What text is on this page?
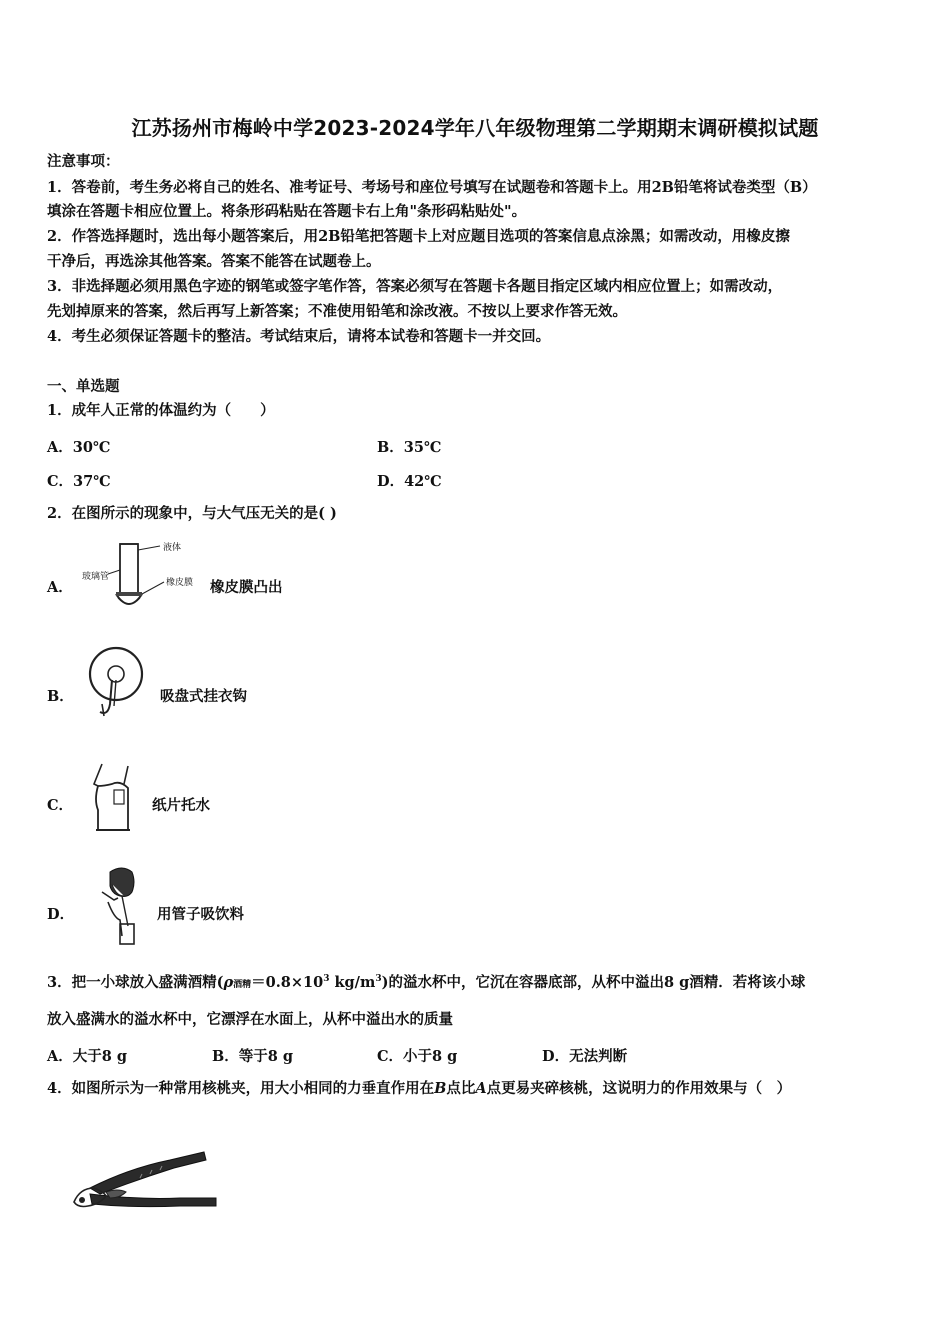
江苏扬州市梅岭中学2023-2024学年八年级物理第二学期期末调研模拟试题
注意事项：
1．答卷前，考生务必将自己的姓名、准考证号、考场号和座位号填写在试题卷和答题卡上。用2B铅笔将试卷类型（B）
填涂在答题卡相应位置上。将条形码粘贴在答题卡右上角"条形码粘贴处"。
2．作答选择题时，选出每小题答案后，用2B铅笔把答题卡上对应题目选项的答案信息点涂黑；如需改动，用橡皮擦
干净后，再选涂其他答案。答案不能答在试题卷上。
3．非选择题必须用黑色字迹的钢笔或签字笔作答，答案必须写在答题卡各题目指定区域内相应位置上；如需改动，
先划掉原来的答案，然后再写上新答案；不准使用铅笔和涂改液。不按以上要求作答无效。
4．考生必须保证答题卡的整洁。考试结束后，请将本试卷和答题卡一并交回。
一、单选题
1．成年人正常的体温约为（　　）
A．30℃	B．35℃
C．37℃	D．42℃
2．在图所示的现象中，与大气压无关的是( )
A．
液体
玻璃管
橡皮膜 橡皮膜凸出
B．	吸盘式挂衣钩
C．	纸片托水
D．	用管子吸饮料
3．把一小球放入盛满酒精(ρ酒精$=0.8\times 10^3$ $kg/m^3$)的溢水杯中，它沉在容器底部，从杯中溢出8 g酒精．若将该小球
放入盛满水的溢水杯中，它漂浮在水面上，从杯中溢出水的质量
A．大于8 g	B．等于8 g	C．小于8 g	D．无法判断
4．如图所示为一种常用核桃夹，用大小相同的力垂直作用在B点比A点更易夹碎核桃，这说明力的作用效果与（　）
